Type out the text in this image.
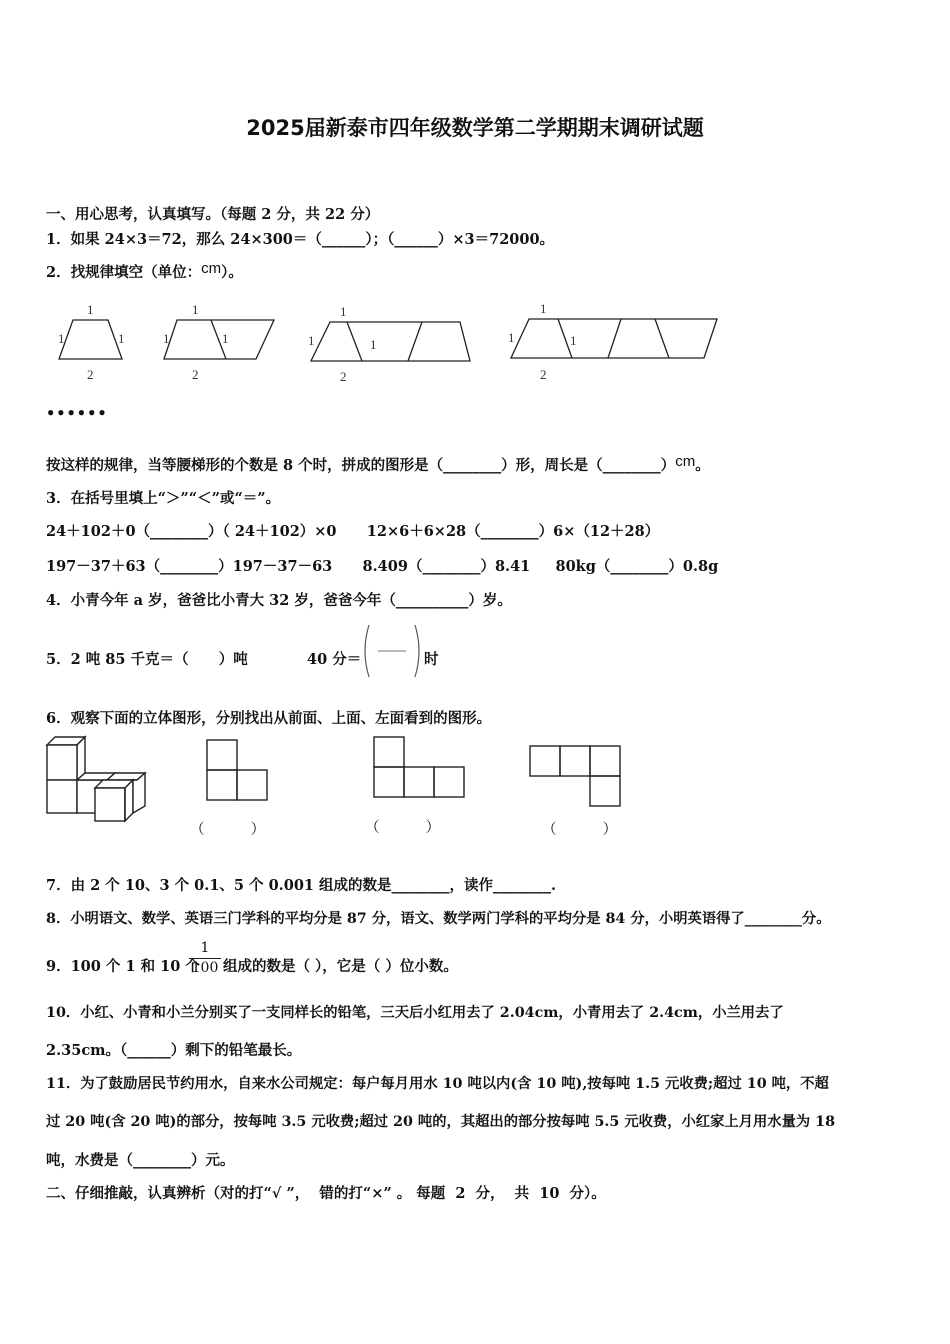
2025届新泰市四年级数学第二学期期末调研试题
一、用心思考，认真填写。（每题 2 分，共 22 分）
1．如果 24×3＝72，那么 24×300＝（______）；（______）×3＝72000。
2．找规律填空（单位：cm）。
1
1	1
2
1
1	1
2
1
1	1
2
1
1	1
2
••••••
按这样的规律，当等腰梯形的个数是 8 个时，拼成的图形是（________）形，周长是（________）cm。
3．在括号里填上“＞”“＜”或“＝”。
24＋102＋0（________）（ 24＋102）×0      12×6＋6×28（________）6×（12＋28）
197－37＋63（________）197－37－63      8.409（________）8.41     80kg（________）0.8g
4．小青今年 a 岁，爸爸比小青大 32 岁，爸爸今年（__________）岁。
5．2 吨 85 千克＝（      ）吨	40 分＝	时
6．观察下面的立体图形，分别找出从前面、上面、左面看到的图形。
（          ）	（          ）	（          ）
7．由 2 个 10、3 个 0.1、5 个 0.001 组成的数是________，读作________.
8．小明语文、数学、英语三门学科的平均分是 87 分，语文、数学两门学科的平均分是 84 分，小明英语得了________分。
9．100 个 1 和 10 个
1
100 组成的数是（ ），它是（ ）位小数。
10．小红、小青和小兰分别买了一支同样长的铅笔，三天后小红用去了 2.04cm，小青用去了 2.4cm，小兰用去了
2.35cm。（______）剩下的铅笔最长。
11．为了鼓励居民节约用水，自来水公司规定：每户每月用水 10 吨以内(含 10 吨),按每吨 1.5 元收费;超过 10 吨，不超
过 20 吨(含 20 吨)的部分，按每吨 3.5 元收费;超过 20 吨的，其超出的部分按每吨 5.5 元收费，小红家上月用水量为 18
吨，水费是（________）元。
二、仔细推敲，认真辨析（对的打“√ ”，  错的打“×” 。 每题  2  分，  共  10  分）。
